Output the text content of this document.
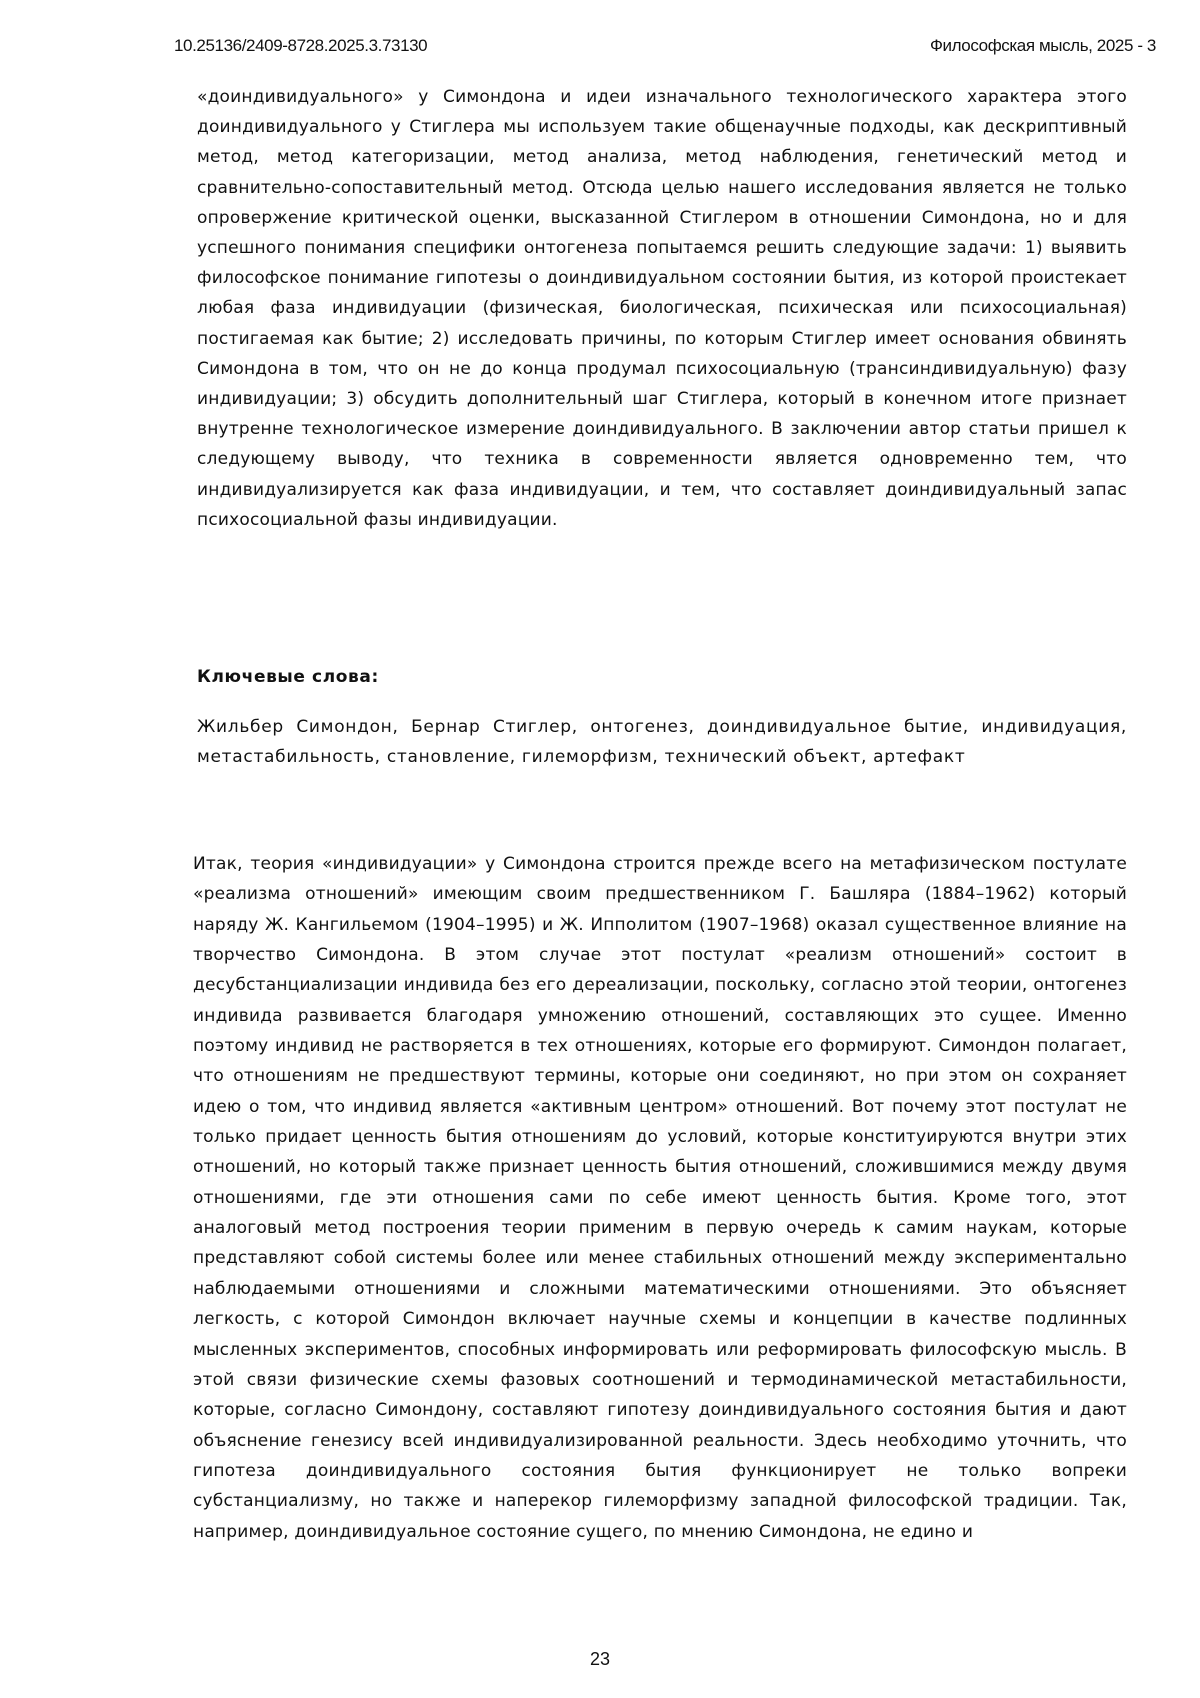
10.25136/2409-8728.2025.3.73130	Философская мысль, 2025 - 3

«доиндивидуального» у Симондона и идеи изначального технологического характера этого доиндивидуального у Стиглера мы используем такие общенаучные подходы, как дескриптивный метод, метод категоризации, метод анализа, метод наблюдения, генетический метод и сравнительно-сопоставительный метод. Отсюда целью нашего исследования является не только опровержение критической оценки, высказанной Стиглером в отношении Симондона, но и для успешного понимания специфики онтогенеза попытаемся решить следующие задачи: 1) выявить философское понимание гипотезы о доиндивидуальном состоянии бытия, из которой проистекает любая фаза индивидуации (физическая, биологическая, психическая или психосоциальная) постигаемая как бытие; 2) исследовать причины, по которым Стиглер имеет основания обвинять Симондона в том, что он не до конца продумал психосоциальную (трансиндивидуальную) фазу индивидуации; 3) обсудить дополнительный шаг Стиглера, который в конечном итоге признает внутренне технологическое измерение доиндивидуального. В заключении автор статьи пришел к следующему выводу, что техника в современности является одновременно тем, что индивидуализируется как фаза индивидуации, и тем, что составляет доиндивидуальный запас психосоциальной фазы индивидуации.

Ключевые слова:
Жильбер Симондон, Бернар Стиглер, онтогенез, доиндивидуальное бытие, индивидуация, метастабильность, становление, гилеморфизм, технический объект, артефакт

Итак, теория «индивидуации» у Симондона строится прежде всего на метафизическом постулате «реализма отношений» имеющим своим предшественником Г. Башляра (1884–1962) который наряду Ж. Кангильемом (1904–1995) и Ж. Ипполитом (1907–1968) оказал существенное влияние на творчество Симондона. В этом случае этот постулат «реализм отношений» состоит в десубстанциализации индивида без его дереализации, поскольку, согласно этой теории, онтогенез индивида развивается благодаря умножению отношений, составляющих это сущее. Именно поэтому индивид не растворяется в тех отношениях, которые его формируют. Симондон полагает, что отношениям не предшествуют термины, которые они соединяют, но при этом он сохраняет идею о том, что индивид является «активным центром» отношений. Вот почему этот постулат не только придает ценность бытия отношениям до условий, которые конституируются внутри этих отношений, но который также признает ценность бытия отношений, сложившимися между двумя отношениями, где эти отношения сами по себе имеют ценность бытия. Кроме того, этот аналоговый метод построения теории применим в первую очередь к самим наукам, которые представляют собой системы более или менее стабильных отношений между экспериментально наблюдаемыми отношениями и сложными математическими отношениями. Это объясняет легкость, с которой Симондон включает научные схемы и концепции в качестве подлинных мысленных экспериментов, способных информировать или реформировать философскую мысль. В этой связи физические схемы фазовых соотношений и термодинамической метастабильности, которые, согласно Симондону, составляют гипотезу доиндивидуального состояния бытия и дают объяснение генезису всей индивидуализированной реальности. Здесь необходимо уточнить, что гипотеза доиндивидуального состояния бытия функционирует не только вопреки субстанциализму, но также и наперекор гилеморфизму западной философской традиции. Так, например, доиндивидуальное состояние сущего, по мнению Симондона, не едино и

23
